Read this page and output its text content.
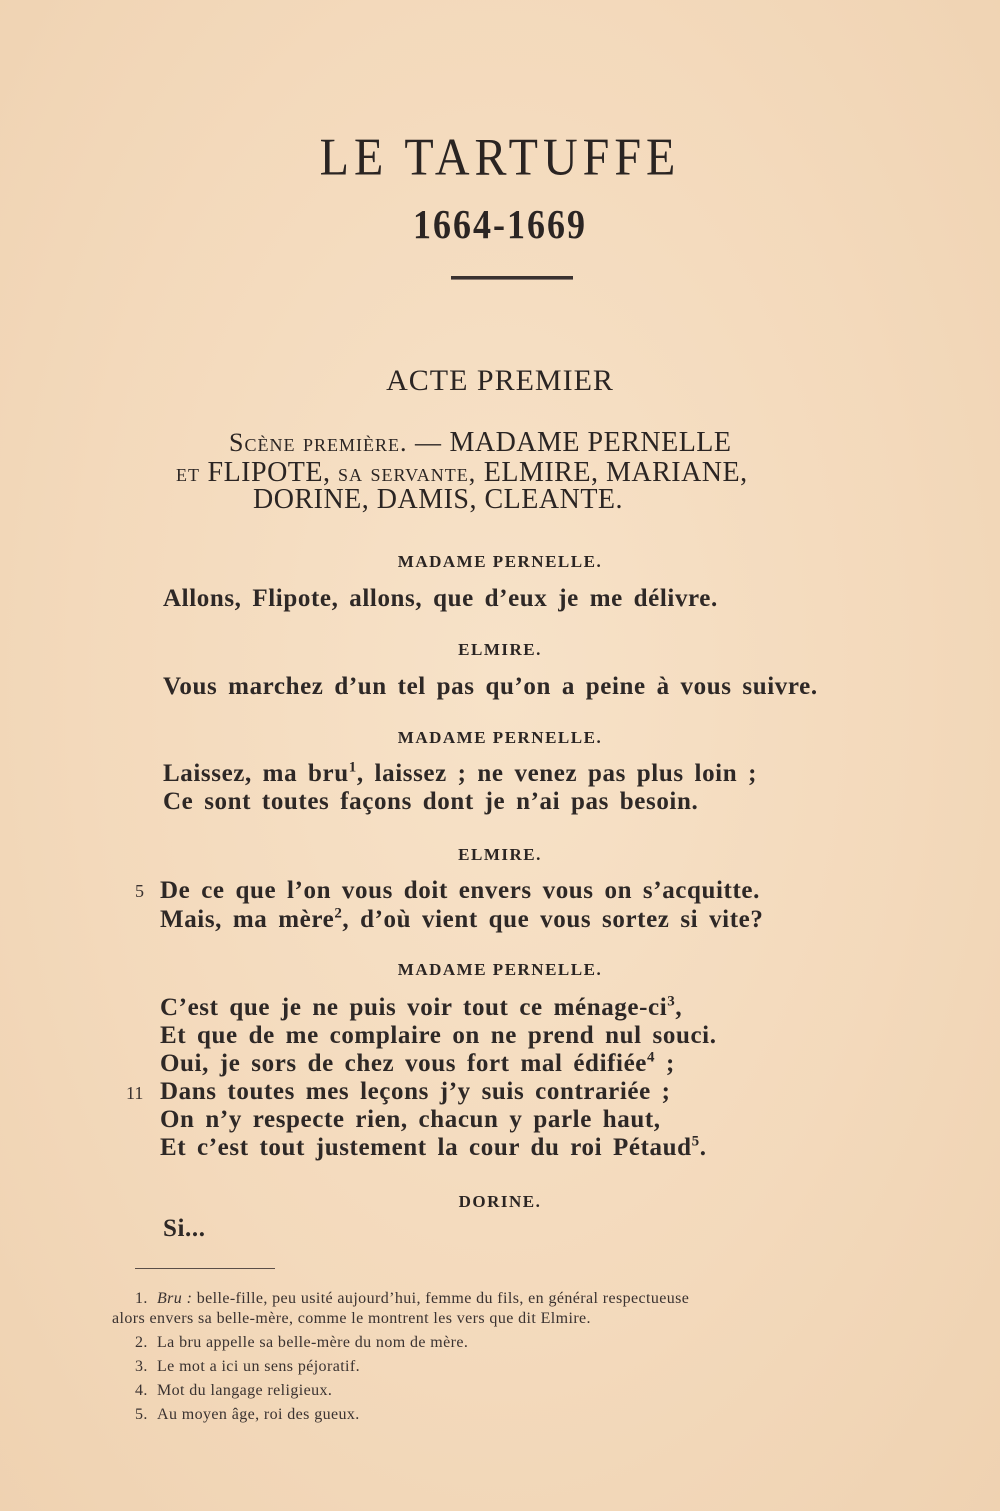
LE TARTUFFE
1664-1669
ACTE PREMIER
Scène première. — MADAME PERNELLE
et FLIPOTE, sa servante, ELMIRE, MARIANE,
DORINE, DAMIS, CLEANTE.
MADAME PERNELLE.
Allons, Flipote, allons, que d’eux je me délivre.
ELMIRE.
Vous marchez d’un tel pas qu’on a peine à vous suivre.
MADAME PERNELLE.
Laissez, ma bru$^1$, laissez ; ne venez pas plus loin ;
Ce sont toutes façons dont je n’ai pas besoin.
ELMIRE.
5 De ce que l’on vous doit envers vous on s’acquitte.
Mais, ma mère$^2$, d’où vient que vous sortez si vite?
MADAME PERNELLE.
C’est que je ne puis voir tout ce ménage-$ci^3$,
Et que de me complaire on ne prend nul souci.
Oui, je sors de chez vous fort mal édifiée$^4$ ;
11 Dans toutes mes leçons j’y suis contrariée ;
On n’y respecte rien, chacun y parle haut,
Et c’est tout justement la cour du roi Pétaud$^5$.
DORINE.
Si...
1. Bru : belle-fille, peu usité aujourd’hui, femme du fils, en général respectueuse
alors envers sa belle-mère, comme le montrent les vers que dit Elmire.
2. La bru appelle sa belle-mère du nom de mère.
3. Le mot a ici un sens péjoratif.
4. Mot du langage religieux.
5. Au moyen âge, roi des gueux.
